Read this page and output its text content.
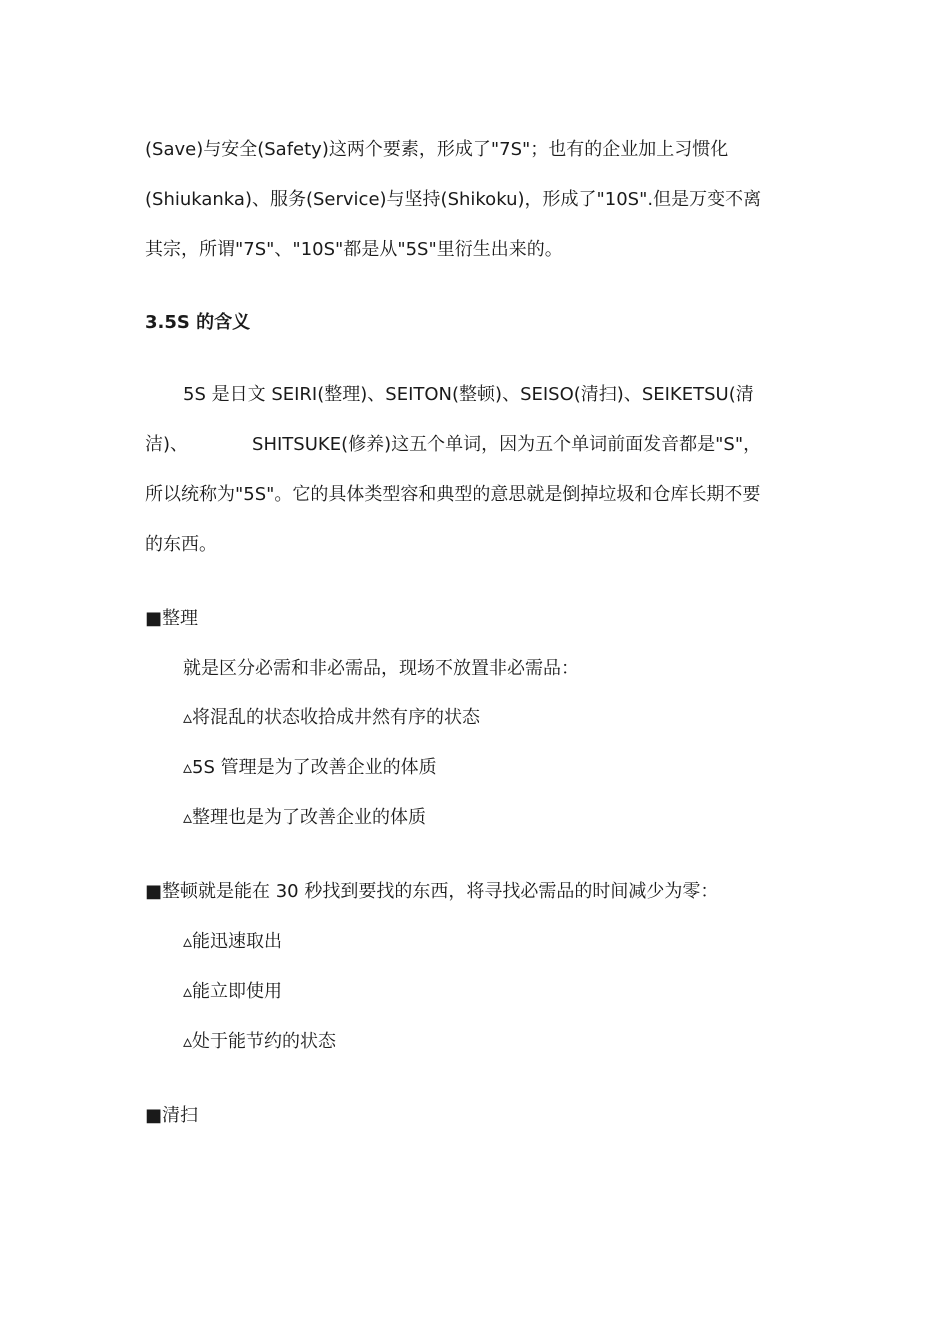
(Save)与安全(Safety)这两个要素，形成了"7S"；也有的企业加上习惯化
(Shiukanka)、服务(Service)与坚持(Shikoku)，形成了"10S".但是万变不离
其宗，所谓"7S"、"10S"都是从"5S"里衍生出来的。
3.5S 的含义
5S 是日文 SEIRI(整理)、SEITON(整顿)、SEISO(清扫)、SEIKETSU(清
洁)、	SHITSUKE(修养)这五个单词，因为五个单词前面发音都是"S"，
所以统称为"5S"。它的具体类型容和典型的意思就是倒掉垃圾和仓库长期不要
的东西。
■整理
就是区分必需和非必需品，现场不放置非必需品：
▵将混乱的状态收拾成井然有序的状态
▵5S 管理是为了改善企业的体质
▵整理也是为了改善企业的体质
■整顿就是能在 30 秒找到要找的东西，将寻找必需品的时间减少为零：
▵能迅速取出
▵能立即使用
▵处于能节约的状态
■清扫
